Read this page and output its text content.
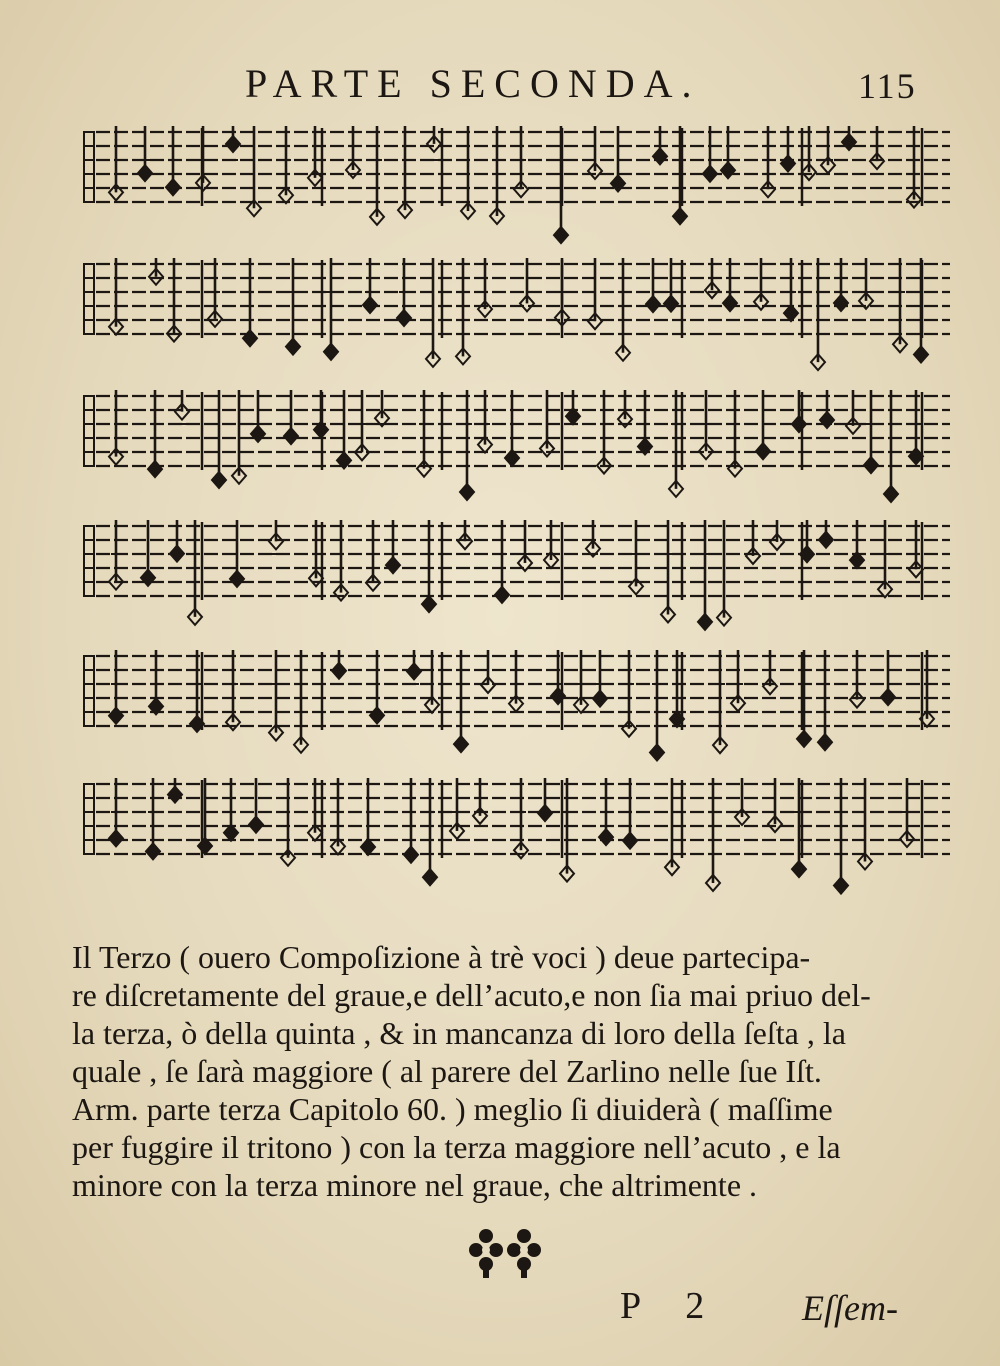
PARTE SECONDA.	115
Il Terzo ( ouero Compoſizione à trè voci ) deue partecipa-
re diſcretamente del graue,e dell’acuto,e non ſia mai priuo del-
la terza, ò della quinta , & in mancanza di loro della ſeſta , la
quale , ſe ſarà maggiore ( al parere del Zarlino nelle ſue Iſt.
Arm. parte terza Capitolo 60. ) meglio ſi diuiderà ( maſſime
per fuggire il tritono ) con la terza maggiore nell’acuto , e la
minore con la terza minore nel graue, che altrimente .
P 2 Eſſem-
